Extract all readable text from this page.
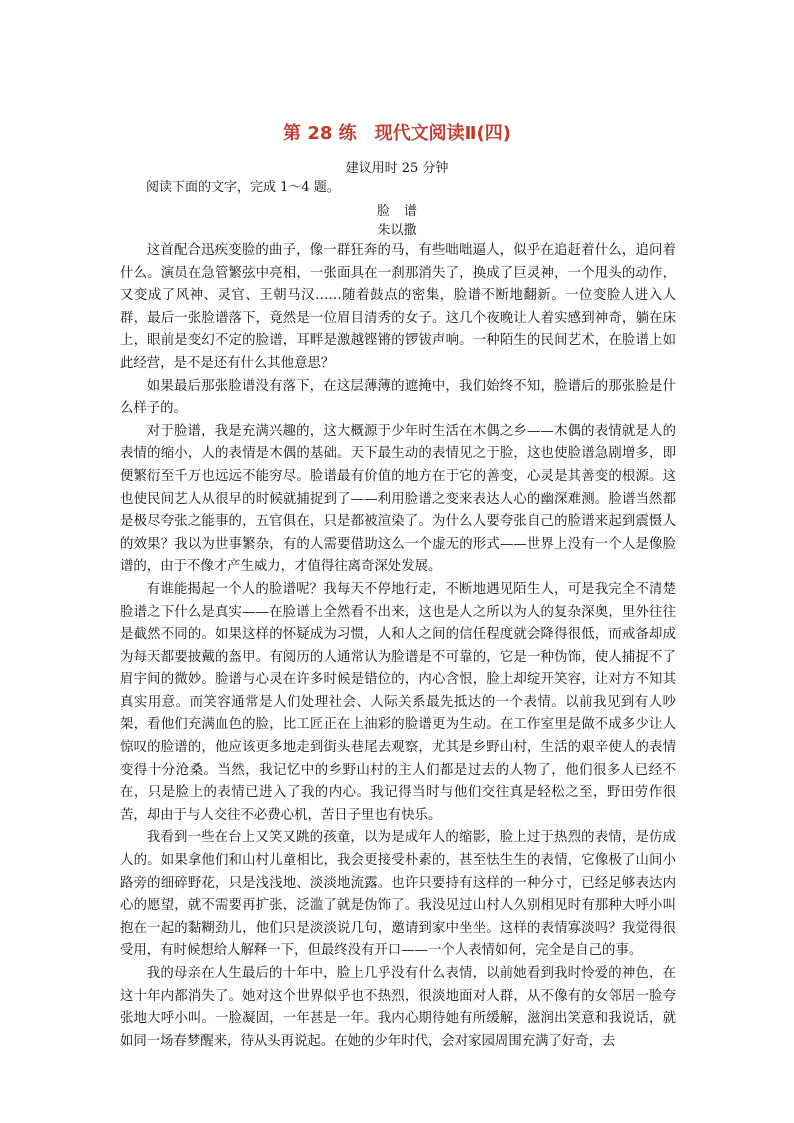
第 28 练　现代文阅读Ⅱ(四)
建议用时 25 分钟
阅读下面的文字，完成 1～4 题。
脸谱
朱以撒

这首配合迅疾变脸的曲子，像一群狂奔的马，有些咄咄逼人，似乎在追赶着什么，追问着什么。演员在急管繁弦中亮相，一张面具在一刹那消失了，换成了巨灵神，一个甩头的动作，又变成了风神、灵官、王朝马汉……随着鼓点的密集，脸谱不断地翻新。一位变脸人进入人群，最后一张脸谱落下，竟然是一位眉目清秀的女子。这几个夜晚让人着实感到神奇，躺在床上，眼前是变幻不定的脸谱，耳畔是激越铿锵的锣钹声响。一种陌生的民间艺术，在脸谱上如此经营，是不是还有什么其他意思？

如果最后那张脸谱没有落下，在这层薄薄的遮掩中，我们始终不知，脸谱后的那张脸是什么样子的。

对于脸谱，我是充满兴趣的，这大概源于少年时生活在木偶之乡——木偶的表情就是人的表情的缩小，人的表情是木偶的基础。天下最生动的表情见之于脸，这也使脸谱急剧增多，即便繁衍至千万也远远不能穷尽。脸谱最有价值的地方在于它的善变，心灵是其善变的根源。这也使民间艺人从很早的时候就捕捉到了——利用脸谱之变来表达人心的幽深难测。脸谱当然都是极尽夸张之能事的，五官俱在，只是都被渲染了。为什么人要夸张自己的脸谱来起到震慑人的效果？我以为世事繁杂，有的人需要借助这么一个虚无的形式——世界上没有一个人是像脸谱的，由于不像才产生威力，才值得往离奇深处发展。

有谁能揭起一个人的脸谱呢？我每天不停地行走，不断地遇见陌生人，可是我完全不清楚脸谱之下什么是真实——在脸谱上全然看不出来，这也是人之所以为人的复杂深奥，里外往往是截然不同的。如果这样的怀疑成为习惯，人和人之间的信任程度就会降得很低，而戒备却成为每天都要披戴的盔甲。有阅历的人通常认为脸谱是不可靠的，它是一种伪饰，使人捕捉不了眉宇间的微妙。脸谱与心灵在许多时候是错位的，内心含恨，脸上却绽开笑容，让对方不知其真实用意。而笑容通常是人们处理社会、人际关系最先抵达的一个表情。以前我见到有人吵架，看他们充满血色的脸，比工匠正在上油彩的脸谱更为生动。在工作室里是做不成多少让人惊叹的脸谱的，他应该更多地走到街头巷尾去观察，尤其是乡野山村，生活的艰辛使人的表情变得十分沧桑。当然，我记忆中的乡野山村的主人们都是过去的人物了，他们很多人已经不在，只是脸上的表情已进入了我的内心。我记得当时与他们交往真是轻松之至，野田劳作很苦，却由于与人交往不必费心机，苦日子里也有快乐。

我看到一些在台上又笑又跳的孩童，以为是成年人的缩影，脸上过于热烈的表情，是仿成人的。如果拿他们和山村儿童相比，我会更接受朴素的，甚至怯生生的表情，它像极了山间小路旁的细碎野花，只是浅浅地、淡淡地流露。也许只要持有这样的一种分寸，已经足够表达内心的愿望，就不需要再扩张，泛滥了就是伪饰了。我没见过山村人久别相见时有那种大呼小叫抱在一起的黏糊劲儿，他们只是淡淡说几句，邀请到家中坐坐。这样的表情寡淡吗？我觉得很受用，有时候想给人解释一下，但最终没有开口——一个人表情如何，完全是自己的事。

我的母亲在人生最后的十年中，脸上几乎没有什么表情，以前她看到我时怜爱的神色，在这十年内都消失了。她对这个世界似乎也不热烈，很淡地面对人群，从不像有的女邻居一脸夸张地大呼小叫。一脸凝固，一年甚是一年。我内心期待她有所缓解，滋润出笑意和我说话，就如同一场春梦醒来，待从头再说起。在她的少年时代，会对家园周围充满了好奇，去
